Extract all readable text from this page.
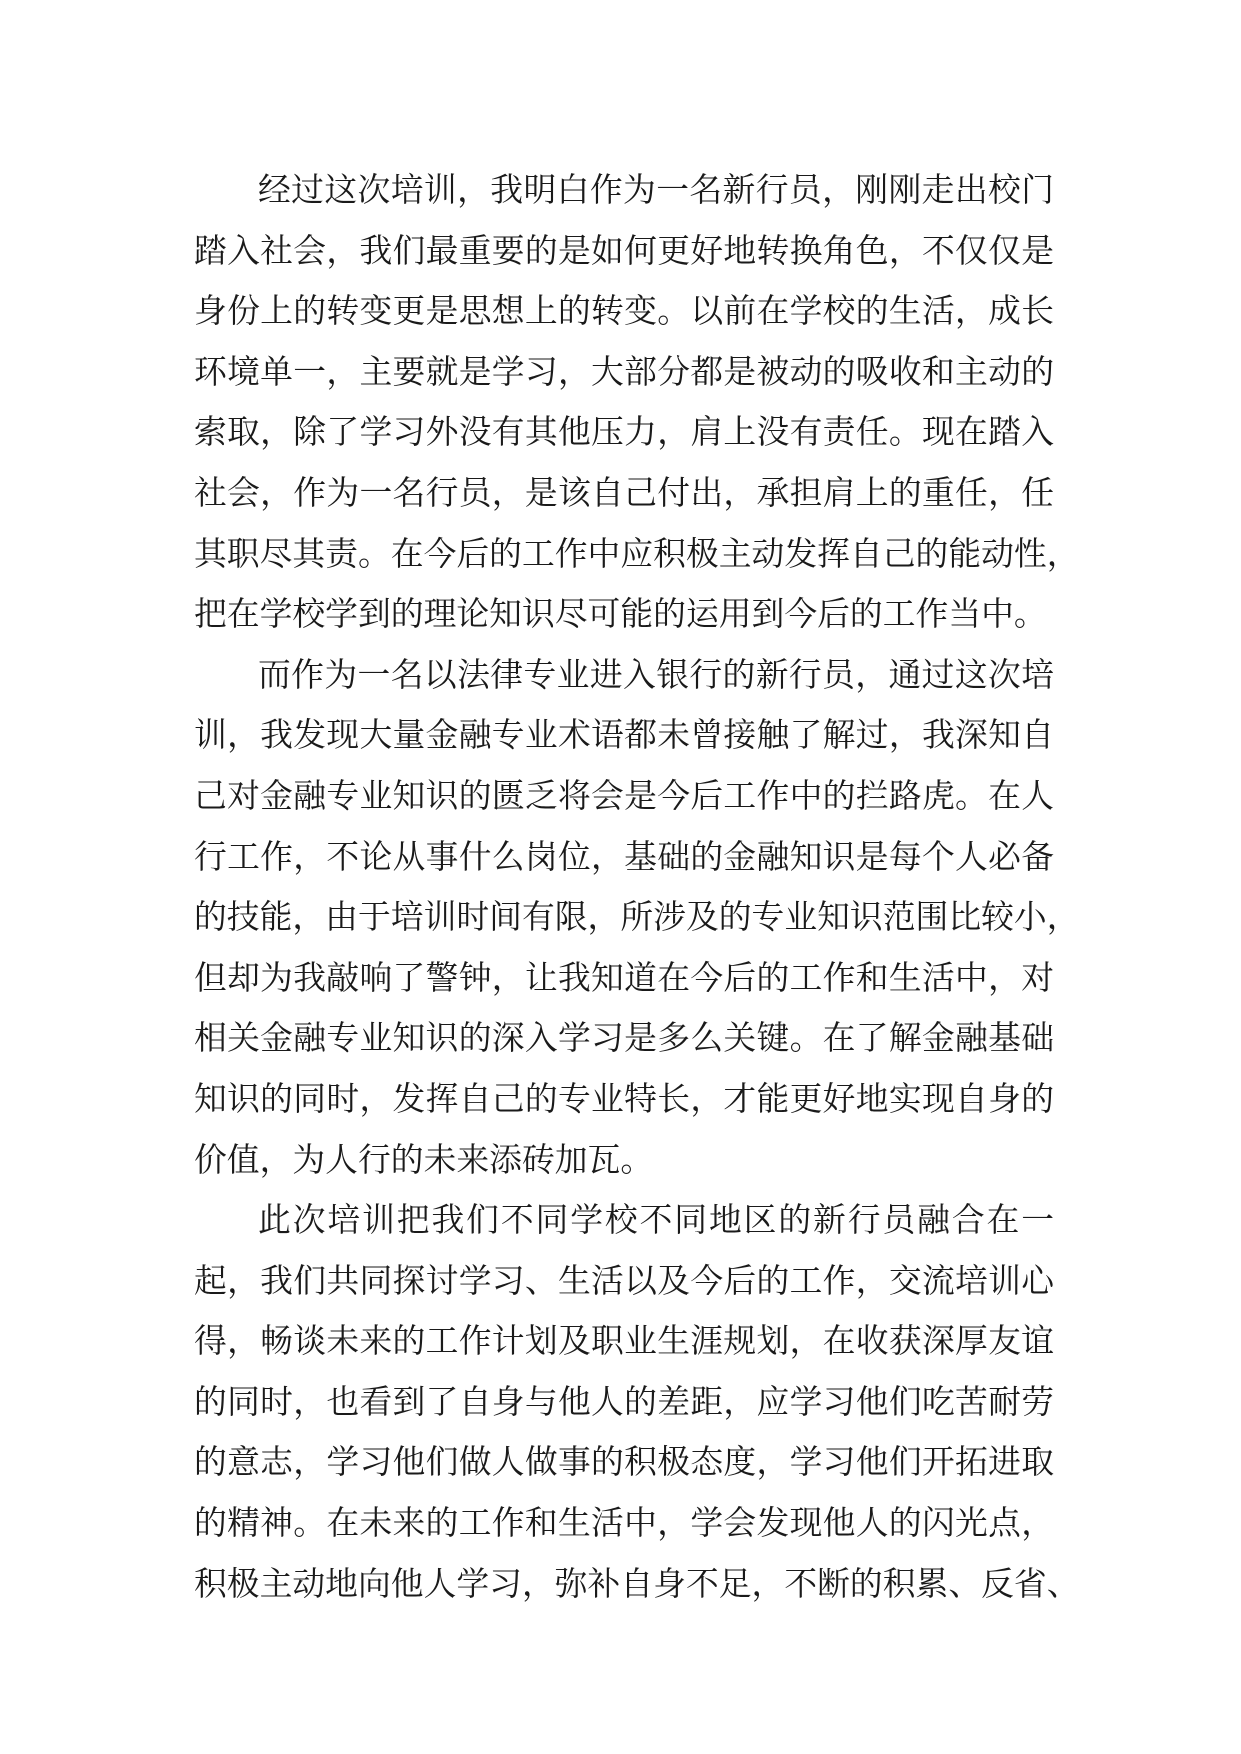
经过这次培训，我明白作为一名新行员，刚刚走出校门
踏入社会，我们最重要的是如何更好地转换角色，不仅仅是
身份上的转变更是思想上的转变。以前在学校的生活，成长
环境单一，主要就是学习，大部分都是被动的吸收和主动的
索取，除了学习外没有其他压力，肩上没有责任。现在踏入
社会，作为一名行员，是该自己付出，承担肩上的重任，任
其职尽其责。在今后的工作中应积极主动发挥自己的能动性，
把在学校学到的理论知识尽可能的运用到今后的工作当中。
而作为一名以法律专业进入银行的新行员，通过这次培
训，我发现大量金融专业术语都未曾接触了解过，我深知自
己对金融专业知识的匮乏将会是今后工作中的拦路虎。在人
行工作，不论从事什么岗位，基础的金融知识是每个人必备
的技能，由于培训时间有限，所涉及的专业知识范围比较小，
但却为我敲响了警钟，让我知道在今后的工作和生活中，对
相关金融专业知识的深入学习是多么关键。在了解金融基础
知识的同时，发挥自己的专业特长，才能更好地实现自身的
价值，为人行的未来添砖加瓦。
此次培训把我们不同学校不同地区的新行员融合在一
起，我们共同探讨学习、生活以及今后的工作，交流培训心
得，畅谈未来的工作计划及职业生涯规划，在收获深厚友谊
的同时，也看到了自身与他人的差距，应学习他们吃苦耐劳
的意志，学习他们做人做事的积极态度，学习他们开拓进取
的精神。在未来的工作和生活中，学会发现他人的闪光点，
积极主动地向他人学习，弥补自身不足，不断的积累、反省、
